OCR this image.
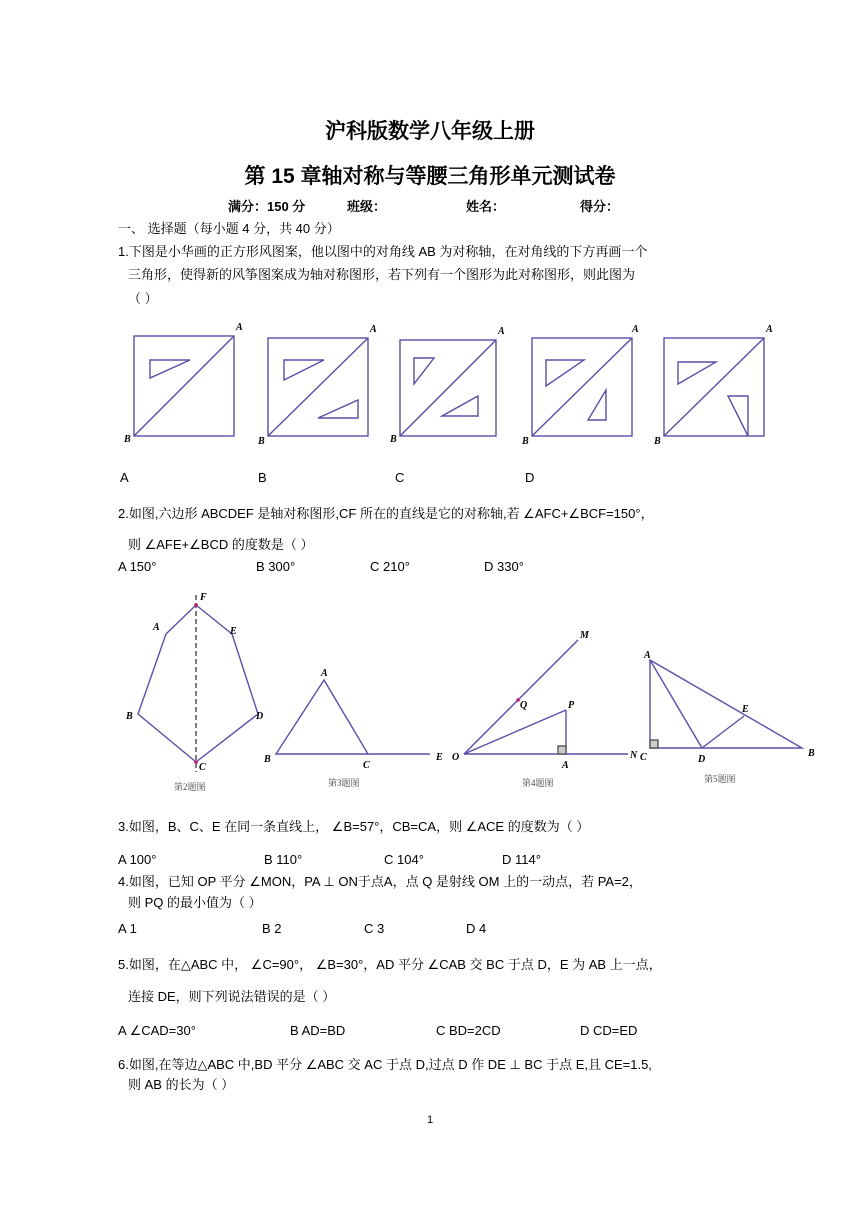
沪科版数学八年级上册
第 15 章轴对称与等腰三角形单元测试卷
满分：150 分	班级：	姓名：	得分：
一、 选择题（每小题 4 分，共 40 分）
1.下图是小华画的正方形风图案，他以图中的对角线 AB 为对称轴，在对角线的下方再画一个
三角形，使得新的风筝图案成为轴对称图形，若下列有一个图形为此对称图形，则此图为
（ ）
A
B
A
B
A
B
A
B
A
B
A	B	C	D
2.如图,六边形 ABCDEF 是轴对称图形,CF 所在的直线是它的对称轴,若 ∠AFC+∠BCF=150°，
则 ∠AFE+∠BCD 的度数是（ ）
A 150°	B 300°	C 210°	D 330°
F
A	E
B	D
C
第2题图
A
B
C
E
第3题图
M
Q	P
O
A
N
第4题图
A
E
C	D
B
第5题图
3.如图，B、C、E 在同一条直线上， ∠B=57°，CB=CA，则 ∠ACE 的度数为（ ）
A 100°	B 110°	C 104°	D 114°
4.如图，已知 OP 平分 ∠MON，PA ⊥ ON于点A，点 Q 是射线 OM 上的一动点，若 PA=2，
则 PQ 的最小值为（ ）
A 1	B 2	C 3	D 4
5.如图，在△ABC 中， ∠C=90°， ∠B=30°，AD 平分 ∠CAB 交 BC 于点 D，E 为 AB 上一点，
连接 DE，则下列说法错误的是（ ）
A ∠CAD=30°	B AD=BD	C BD=2CD	D CD=ED
6.如图,在等边△ABC 中,BD 平分 ∠ABC 交 AC 于点 D,过点 D 作 DE ⊥ BC 于点 E,且 CE=1.5,
则 AB 的长为（ ）
1
